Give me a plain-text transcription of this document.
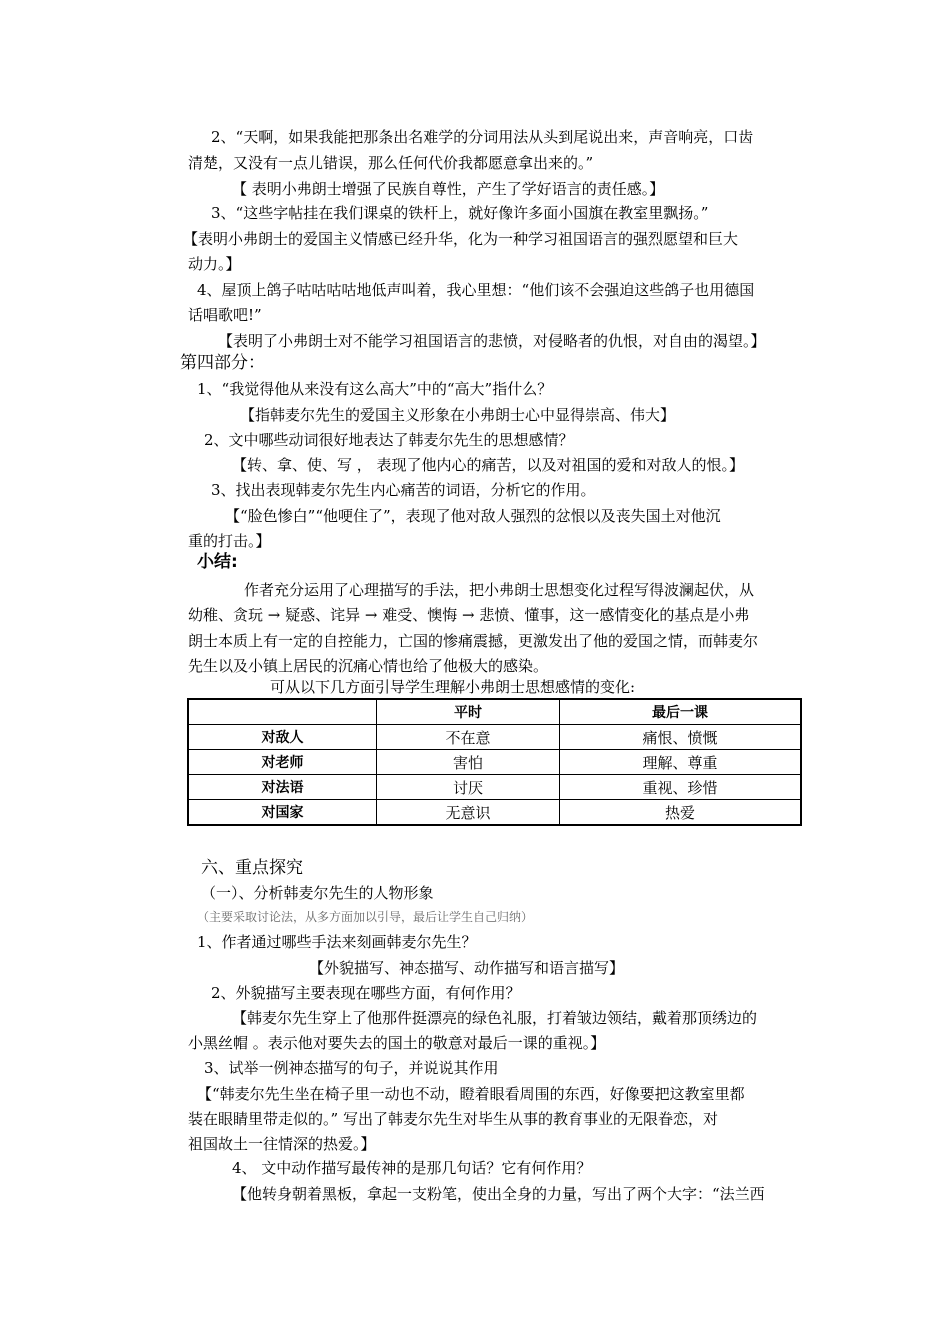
2、“天啊，如果我能把那条出名难学的分词用法从头到尾说出来，声音响亮，口齿
清楚，又没有一点儿错误，那么任何代价我都愿意拿出来的。”
【 表明小弗朗士增强了民族自尊性，产生了学好语言的责任感。】
3、“这些字帖挂在我们课桌的铁杆上，就好像许多面小国旗在教室里飘扬。”
【表明小弗朗士的爱国主义情感已经升华，化为一种学习祖国语言的强烈愿望和巨大
动力。】
4、屋顶上鸽子咕咕咕咕地低声叫着，我心里想：“他们该不会强迫这些鸽子也用德国
话唱歌吧!”
【表明了小弗朗士对不能学习祖国语言的悲愤，对侵略者的仇恨，对自由的渴望。】
第四部分：
1、“我觉得他从来没有这么高大”中的“高大”指什么？
【指韩麦尔先生的爱国主义形象在小弗朗士心中显得崇高、伟大】
2、文中哪些动词很好地表达了韩麦尔先生的思想感情？
【转、拿、使、写 ， 表现了他内心的痛苦，以及对祖国的爱和对敌人的恨。】
3、找出表现韩麦尔先生内心痛苦的词语，分析它的作用。
【“脸色惨白”“他哽住了”，表现了他对敌人强烈的忿恨以及丧失国土对他沉
重的打击。】
小结:
作者充分运用了心理描写的手法，把小弗朗士思想变化过程写得波澜起伏，从
幼稚、贪玩 → 疑惑、诧异 → 难受、懊悔 → 悲愤、懂事，这一感情变化的基点是小弗
朗士本质上有一定的自控能力，亡国的惨痛震撼，更激发出了他的爱国之情，而韩麦尔
先生以及小镇上居民的沉痛心情也给了他极大的感染。
可从以下几方面引导学生理解小弗朗士思想感情的变化:
	平时	最后一课
对敌人	不在意	痛恨、愤慨
对老师	害怕	理解、尊重
对法语	讨厌	重视、珍惜
对国家	无意识	热爱
六、重点探究
（一）、分析韩麦尔先生的人物形象
（主要采取讨论法，从多方面加以引导，最后让学生自己归纳）
1、作者通过哪些手法来刻画韩麦尔先生？
【外貌描写、神态描写、动作描写和语言描写】
2、外貌描写主要表现在哪些方面，有何作用？
【韩麦尔先生穿上了他那件挺漂亮的绿色礼服，打着皱边领结，戴着那顶绣边的
小黑丝帽 。表示他对要失去的国土的敬意对最后一课的重视。】
3、试举一例神态描写的句子，并说说其作用
【“韩麦尔先生坐在椅子里一动也不动，瞪着眼看周围的东西，好像要把这教室里都
装在眼睛里带走似的。” 写出了韩麦尔先生对毕生从事的教育事业的无限眷恋，对
祖国故土一往情深的热爱。】
4、 文中动作描写最传神的是那几句话？它有何作用？
【他转身朝着黑板，拿起一支粉笔，使出全身的力量，写出了两个大字：“法兰西
